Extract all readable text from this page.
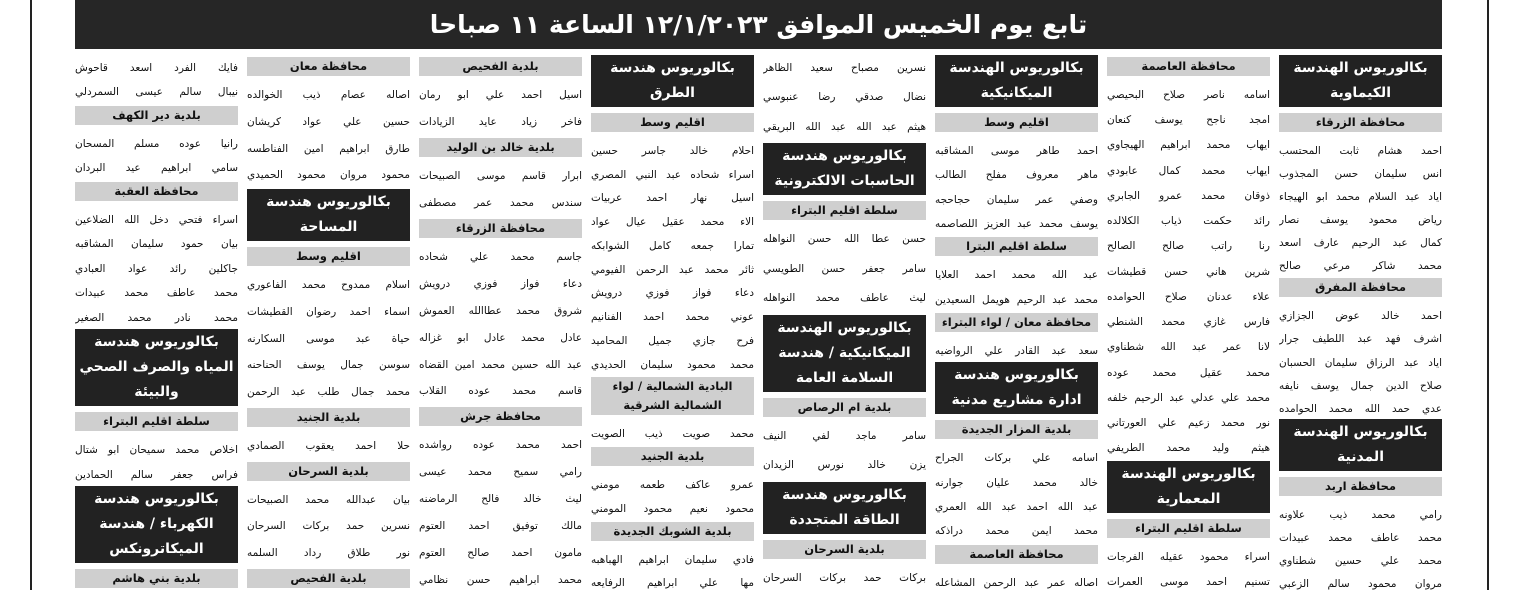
تابع يوم الخميس الموافق ١٢/١/٢٠٢٣ الساعة ١١ صباحا
بكالوريوس الهندسة الكيماوية
محافظة الزرقاء
احمد هشام ثابت المحتسب
انس سليمان حسن المجذوب
اياد عبد السلام محمد ابو الهيجاء
رياض محمود يوسف نصار
كمال عبد الرحيم عارف اسعد
محمد شاكر مرعي صالح
محافظة المفرق
احمد خالد عوض الجزازي
اشرف فهد عبد اللطيف جرار
اياد عبد الرزاق سليمان الحسبان
صلاح الدين جمال يوسف نايفه
عدي حمد الله محمد الحوامده
بكالوريوس الهندسة المدنية
محافظة اربد
رامي محمد ذيب علاونه
محمد عاطف محمد عبيدات
محمد علي حسين شطناوي
مروان محمود سالم الزعبي
محافظة العاصمة
اسامه ناصر صلاح البحيصي
امجد ناجح يوسف كنعان
ايهاب محمد ابراهيم الهيجاوي
ايهاب محمد كمال عابودي
ذوقان محمد عمرو الجابري
رائد حكمت ذياب الكلالده
رنا راتب صالح الصالح
شرين هاني حسن قطيشات
علاء عدنان صلاح الحوامده
فارس غازي محمد الشنطي
لانا عمر عبد الله شطناوي
محمد عقيل محمد عوده
محمد علي عدلي عبد الرحيم خلفه
نور محمد زعيم علي العورتاني
هيثم وليد محمد الطريفي
بكالوريوس الهندسة المعمارية
سلطة اقليم البتراء
اسراء محمود عقيله الفرجات
تسنيم احمد موسى العمرات
بكالوريوس الهندسة الميكانيكية
اقليم وسط
احمد طاهر موسى المشاقبه
ماهر معروف مفلح الطالب
وصفي عمر سليمان حجاحجه
يوسف محمد عبد العزيز اللصاصمه
سلطة اقليم البترا
عبد الله محمد احمد العلايا
محمد عبد الرحيم هويمل السعيدين
محافظة معان / لواء البتراء
سعد عبد القادر علي الرواضيه
بكالوريوس هندسة ادارة مشاريع مدنية
بلدية المزار الجديدة
اسامه علي بركات الجراح
خالد محمد عليان جوارنه
عبد الله احمد عبد الله العمري
محمد ايمن محمد دراذكه
محافظة العاصمة
اصاله عمر عبد الرحمن المشاعله
نسرين مصباح سعيد الظاهر
نضال صدقي رضا عنبوسي
هيثم عبد الله عبد الله البريقي
بكالوريوس هندسة الحاسبات الالكترونية
سلطة اقليم البتراء
حسن عطا الله حسن النواهله
سامر جعفر حسن الطويسي
ليث عاطف محمد النواهله
بكالوريوس الهندسة الميكانيكية / هندسة السلامة العامة
بلدية ام الرصاص
سامر ماجد لفي النيف
يزن خالد نورس الزيدان
بكالوريوس هندسة الطاقة المتجددة
بلدية السرحان
بركات حمد بركات السرحان
بكالوريوس هندسة الطرق
اقليم وسط
احلام خالد جاسر حسين
اسراء شحاده عبد النبي المصري
اسيل نهار احمد عربيات
الاء محمد عقيل عيال عواد
تمارا جمعه كامل الشوابكه
ثائر محمد عبد الرحمن الفيومي
دعاء فواز فوزي درويش
عوني محمد احمد الفنانيم
فرح جازي جميل المحاميد
محمد محمود سليمان الحديدي
البادية الشمالية / لواء الشمالية الشرقية
محمد صويت ذيب الصويت
بلدية الجنيد
عمرو عاكف طعمه مومني
محمود نعيم محمود المومني
بلدية الشوبك الجديدة
فادي سليمان ابراهيم الهباهبه
مها علي ابراهيم الرفايعه
بلدية الفحيص
اسيل احمد علي ابو رمان
فاخر زياد عايد الزيادات
بلدية خالد بن الوليد
ابرار قاسم موسى الصبيحات
سندس محمد عمر مصطفى
محافظة الزرقاء
جاسم محمد علي شحاده
دعاء فواز فوزي درويش
شروق محمد عطاالله العموش
عادل محمد عادل ابو غزاله
عبد الله حسين محمد امين القضاه
قاسم محمد عوده القلاب
محافظة جرش
احمد محمد عوده رواشده
رامي سميح محمد عيسى
ليث خالد فالح الرماضنه
مالك توفيق احمد العتوم
مامون احمد صالح العتوم
محمد ابراهيم حسن نظامي
محافظة معان
اصاله عصام ذيب الخوالده
حسين علي عواد كريشان
طارق ابراهيم امين الفناطسه
محمود مروان محمود الحميدي
بكالوريوس هندسة المساحة
اقليم وسط
اسلام ممدوح محمد الفاعوري
اسماء احمد رضوان القطيشات
حياة عبد موسى السكارنه
سوسن جمال يوسف الحناحنه
محمد جمال طلب عبد الرحمن
بلدية الجنيد
حلا احمد يعقوب الصمادي
بلدية السرحان
بيان عبدالله محمد الصبيحات
نسرين حمد بركات السرحان
نور طلاق رداد السلمه
بلدية الفحيص
فايك الفرد اسعد قاحوش
نيبال سالم عيسى السمردلي
بلدية دير الكهف
رانيا عوده مسلم المسحان
سامي ابراهيم عيد البردان
محافظة العقبة
اسراء فتحي دخل الله الضلاعين
بيان حمود سليمان المشاقبه
جاكلين رائد عواد العبادي
محمد عاطف محمد عبيدات
محمد نادر محمد الصغير
بكالوريوس هندسة المياه والصرف الصحي والبيئة
سلطة اقليم البتراء
اخلاص محمد سميحان ابو شتال
فراس جعفر سالم الحمادين
بكالوريوس هندسة الكهرباء / هندسة الميكاترونكس
بلدية بني هاشم
